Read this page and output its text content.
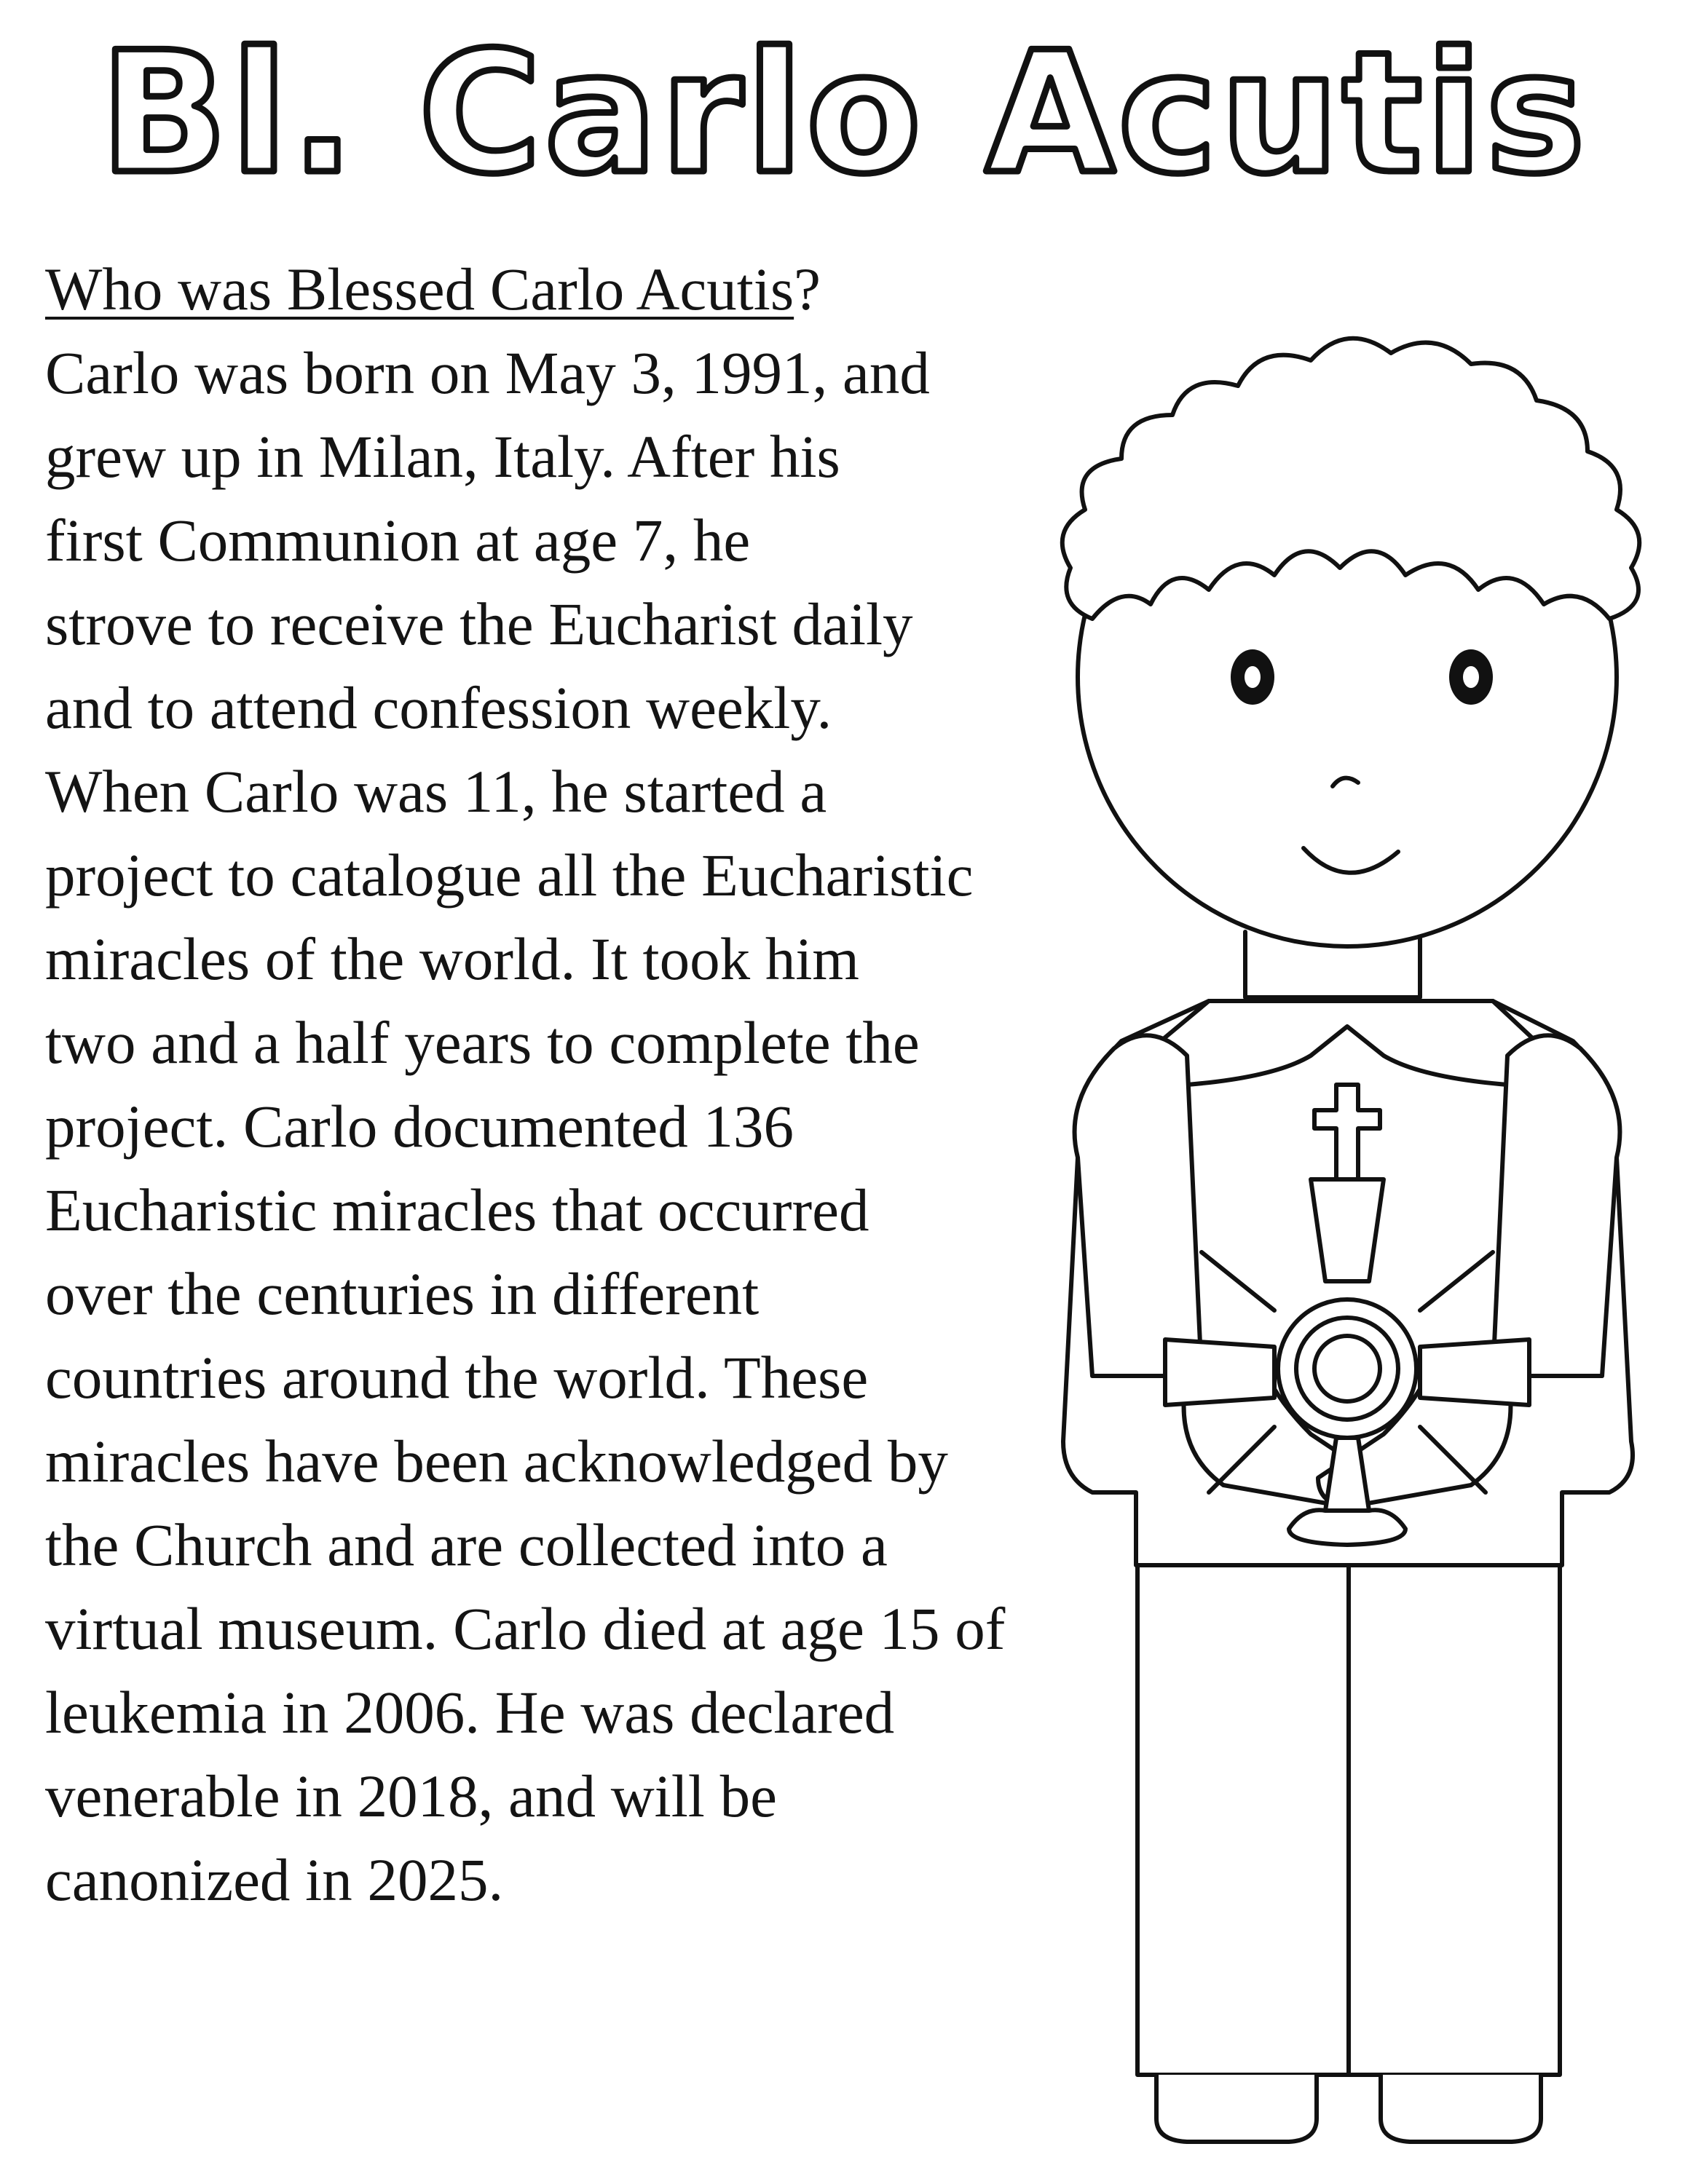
Bl. Carlo Acutis
Who was Blessed Carlo Acutis?
Carlo was born on May 3, 1991, and
grew up in Milan, Italy. After his
first Communion at age 7, he
strove to receive the Eucharist daily
and to attend confession weekly.
When Carlo was 11, he started a
project to catalogue all the Eucharistic
miracles of the world. It took him
two and a half years to complete the
project. Carlo documented 136
Eucharistic miracles that occurred
over the centuries in different
countries around the world. These
miracles have been acknowledged by
the Church and are collected into a
virtual museum. Carlo died at age 15 of
leukemia in 2006. He was declared
venerable in 2018, and will be
canonized in 2025.
